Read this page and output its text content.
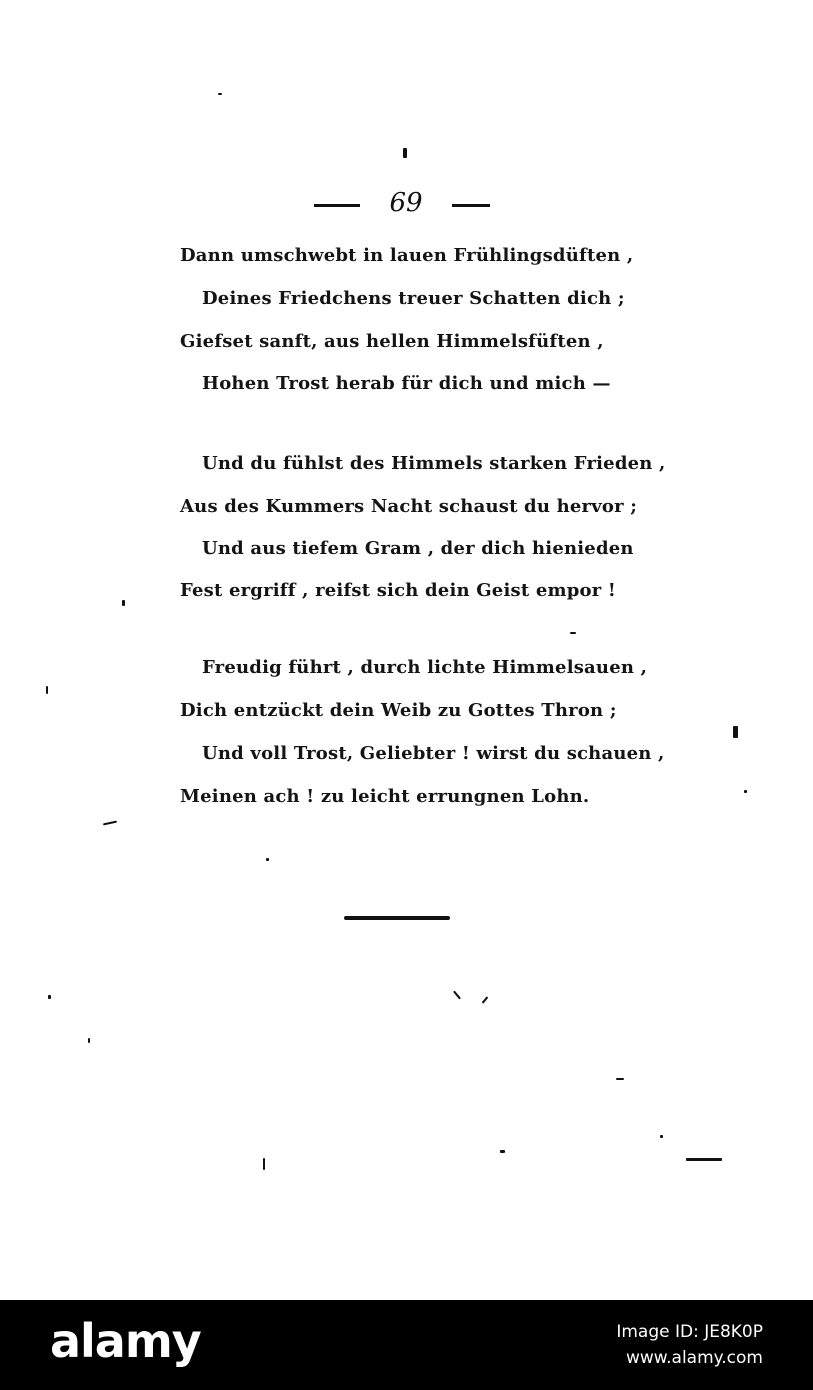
69
Dann umschwebt in lauen Frühlingsdüften ,
Deines Friedchens treuer Schatten dich ;
Giefset sanft, aus hellen Himmelsfüften ,
Hohen Trost herab für dich und mich —
Und du fühlst des Himmels starken Frieden ,
Aus des Kummers Nacht schaust du hervor ;
Und aus tiefem Gram , der dich hienieden
Fest ergriff , reifst sich dein Geist empor !
Freudig führt , durch lichte Himmelsauen ,
Dich entzückt dein Weib zu Gottes Thron ;
Und voll Trost, Geliebter ! wirst du schauen ,
Meinen ach ! zu leicht errungnen Lohn.
alamy	Image ID: JE8K0P
www.alamy.com
